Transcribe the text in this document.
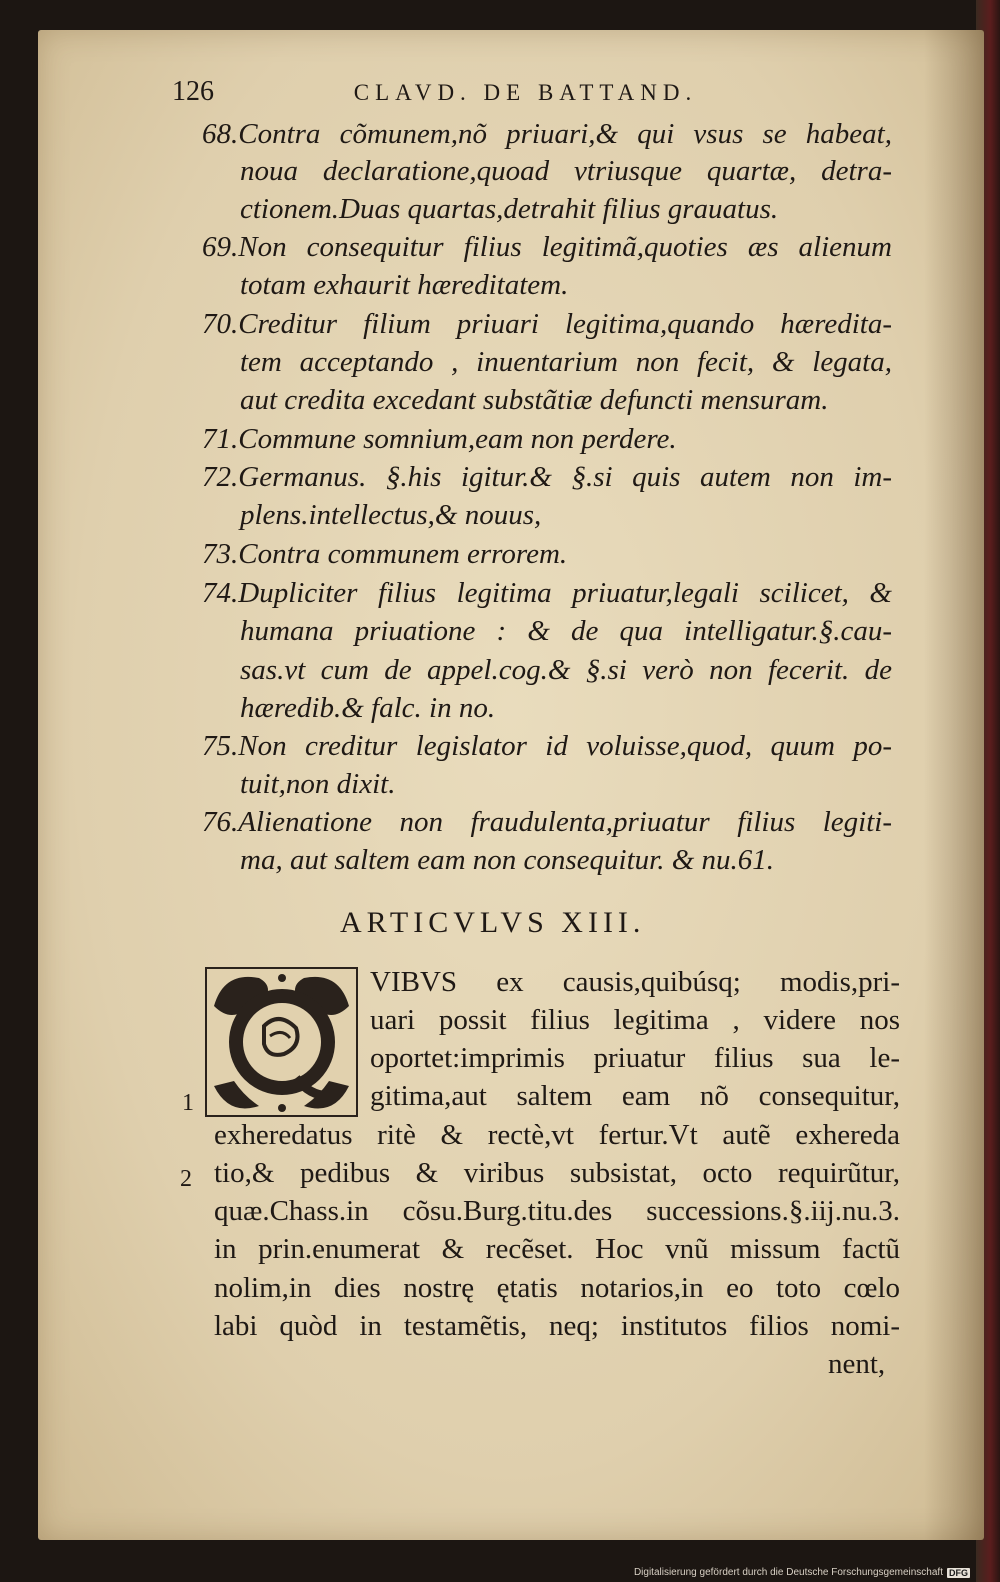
126	CLAVD. DE BATTAND.
68.Contra cõmunem,nõ priuari,& qui vsus se habeat,
noua declaratione,quoad vtriusque quartæ, detra-
ctionem.Duas quartas,detrahit filius grauatus.
69.Non consequitur filius legitimã,quoties æs alienum
totam exhaurit hæreditatem.
70.Creditur filium priuari legitima,quando hæredita-
tem acceptando , inuentarium non fecit, & legata,
aut credita excedant substãtiæ defuncti mensuram.
71.Commune somnium,eam non perdere.
72.Germanus. §.his igitur.& §.si quis autem non im-
plens.intellectus,& nouus,
73.Contra communem errorem.
74.Dupliciter filius legitima priuatur,legali scilicet, &
humana priuatione : & de qua intelligatur.§.cau-
sas.vt cum de appel.cog.& §.si verò non fecerit. de
hæredib.& falc. in no.
75.Non creditur legislator id voluisse,quod, quum po-
tuit,non dixit.
76.Alienatione non fraudulenta,priuatur filius legiti-
ma, aut saltem eam non consequitur. & nu.61.
ARTICVLVS XIII.
VIBVS ex causis,quibúsq; modis,pri-
uari possit filius legitima , videre nos
oportet:imprimis priuatur filius sua le-
gitima,aut saltem eam nõ consequitur,
exheredatus ritè & rectè,vt fertur.Vt autẽ exhereda
tio,& pedibus & viribus subsistat, octo requirũtur,
quæ.Chass.in cõsu.Burg.titu.des successions.§.iij.nu.3.
in prin.enumerat & recẽset. Hoc vnũ missum factũ
nolim,in dies nostrę ętatis notarios,in eo toto cœlo
labi quòd in testamẽtis, neq; institutos filios nomi-
nent,
1
2
Digitalisierung gefördert durch die Deutsche Forschungsgemeinschaft DFG
